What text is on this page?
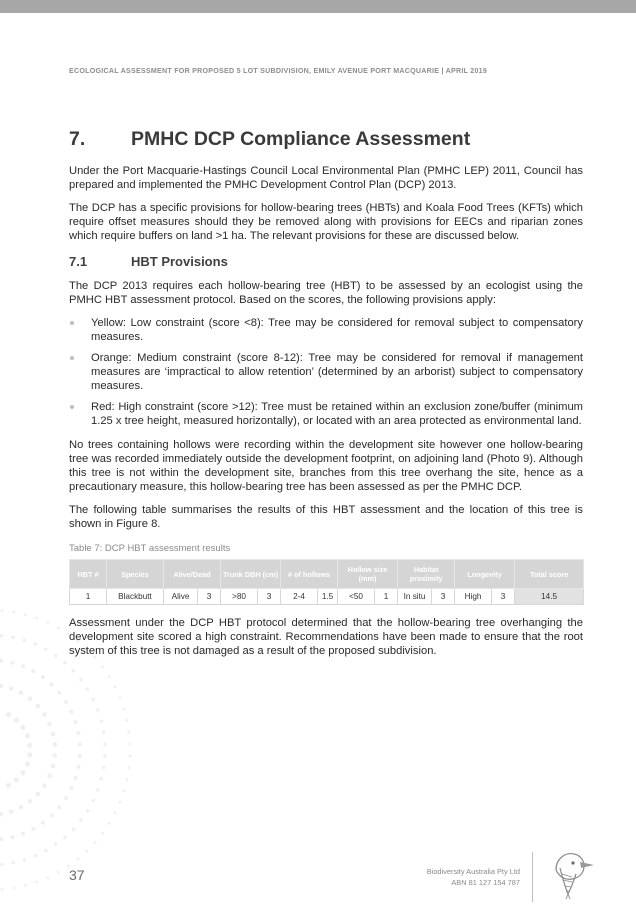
ECOLOGICAL ASSESSMENT FOR PROPOSED 5 LOT SUBDIVISION, EMILY AVENUE PORT MACQUARIE | APRIL 2019
7.	PMHC DCP Compliance Assessment

Under the Port Macquarie-Hastings Council Local Environmental Plan (PMHC LEP) 2011, Council has prepared and implemented the PMHC Development Control Plan (DCP) 2013.

The DCP has a specific provisions for hollow-bearing trees (HBTs) and Koala Food Trees (KFTs) which require offset measures should they be removed along with provisions for EECs and riparian zones which require buffers on land >1 ha. The relevant provisions for these are discussed below.

7.1	HBT Provisions

The DCP 2013 requires each hollow-bearing tree (HBT) to be assessed by an ecologist using the PMHC HBT assessment protocol. Based on the scores, the following provisions apply:

Yellow: Low constraint (score <8): Tree may be considered for removal subject to compensatory measures.
Orange: Medium constraint (score 8-12): Tree may be considered for removal if management measures are ‘impractical to allow retention’ (determined by an arborist) subject to compensatory measures.
Red: High constraint (score >12): Tree must be retained within an exclusion zone/buffer (minimum 1.25 x tree height, measured horizontally), or located with an area protected as environmental land.

No trees containing hollows were recording within the development site however one hollow-bearing tree was recorded immediately outside the development footprint, on adjoining land (Photo 9). Although this tree is not within the development site, branches from this tree overhang the site, hence as a precautionary measure, this hollow-bearing tree has been assessed as per the PMHC DCP.

The following table summarises the results of this HBT assessment and the location of this tree is shown in Figure 8.

Table 7: DCP HBT assessment results
HBT #	Species	Alive/Dead		Trunk DBH (cm)		# of hollows		Hollow size (mm)		Habitat proximity		Longevity		Total score
1	Blackbutt	Alive	3	>80	3	2-4	1.5	<50	1	In situ	3	High	3	14.5

Assessment under the DCP HBT protocol determined that the hollow-bearing tree overhanging the development site scored a high constraint. Recommendations have been made to ensure that the root system of this tree is not damaged as a result of the proposed subdivision.

37	Biodiversity Australia Pty Ltd
ABN 81 127 154 787
